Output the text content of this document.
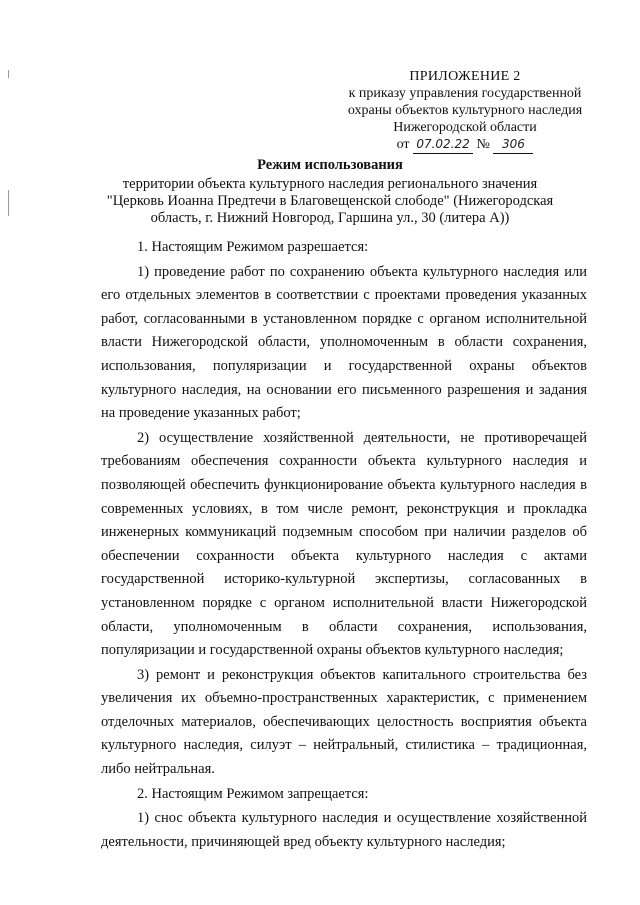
ПРИЛОЖЕНИЕ 2
к приказу управления государственной
охраны объектов культурного наследия
Нижегородской области
от 07.02.22 № 306
Режим использования
территории объекта культурного наследия регионального значения
"Церковь Иоанна Предтечи в Благовещенской слободе" (Нижегородская
область, г. Нижний Новгород, Гаршина ул., 30 (литера А))

1. Настоящим Режимом разрешается:

1) проведение работ по сохранению объекта культурного наследия или его отдельных элементов в соответствии с проектами проведения указанных работ, согласованными в установленном порядке с органом исполнительной власти Нижегородской области, уполномоченным в области сохранения, использования, популяризации и государственной охраны объектов культурного наследия, на основании его письменного разрешения и задания на проведение указанных работ;

2) осуществление хозяйственной деятельности, не противоречащей требованиям обеспечения сохранности объекта культурного наследия и позволяющей обеспечить функционирование объекта культурного наследия в современных условиях, в том числе ремонт, реконструкция и прокладка инженерных коммуникаций подземным способом при наличии разделов об обеспечении сохранности объекта культурного наследия с актами государственной историко-культурной экспертизы, согласованных в установленном порядке с органом исполнительной власти Нижегородской области, уполномоченным в области сохранения, использования, популяризации и государственной охраны объектов культурного наследия;

3) ремонт и реконструкция объектов капитального строительства без увеличения их объемно-пространственных характеристик, с применением отделочных материалов, обеспечивающих целостность восприятия объекта культурного наследия, силуэт – нейтральный, стилистика – традиционная, либо нейтральная.

2. Настоящим Режимом запрещается:

1) снос объекта культурного наследия и осуществление хозяйственной деятельности, причиняющей вред объекту культурного наследия;
